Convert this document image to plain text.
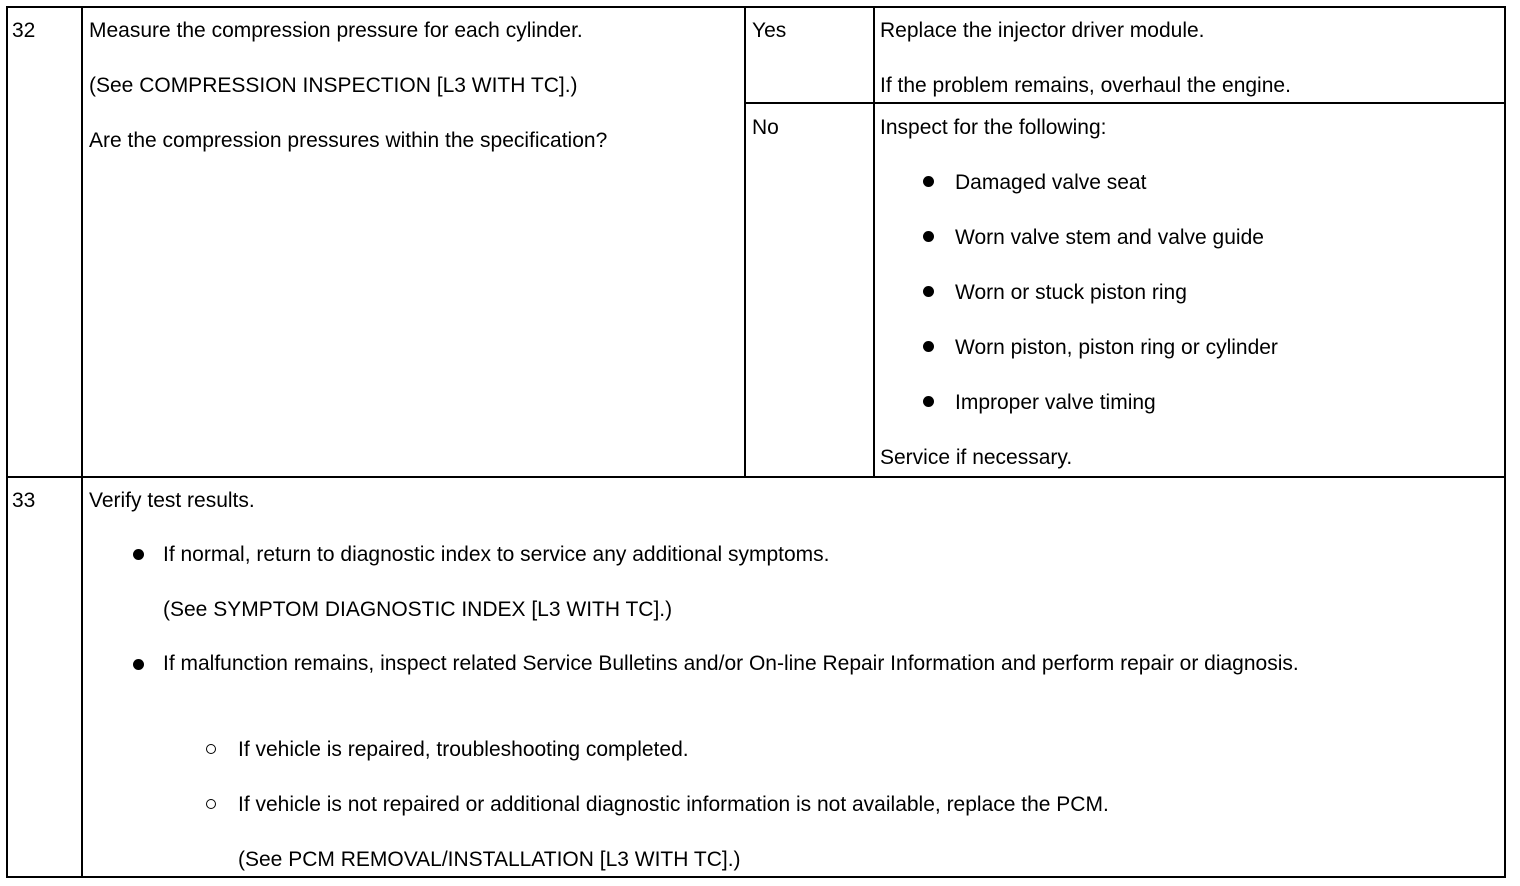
32	Measure the compression pressure for each cylinder.
(See COMPRESSION INSPECTION [L3 WITH TC].)
Are the compression pressures within the specification?
Yes	Replace the injector driver module.
If the problem remains, overhaul the engine.
No	Inspect for the following:
Damaged valve seat
Worn valve stem and valve guide
Worn or stuck piston ring
Worn piston, piston ring or cylinder
Improper valve timing
Service if necessary.
33	Verify test results.
If normal, return to diagnostic index to service any additional symptoms.
(See SYMPTOM DIAGNOSTIC INDEX [L3 WITH TC].)
If malfunction remains, inspect related Service Bulletins and/or On-line Repair Information and perform repair or diagnosis.
If vehicle is repaired, troubleshooting completed.
If vehicle is not repaired or additional diagnostic information is not available, replace the PCM.
(See PCM REMOVAL/INSTALLATION [L3 WITH TC].)
